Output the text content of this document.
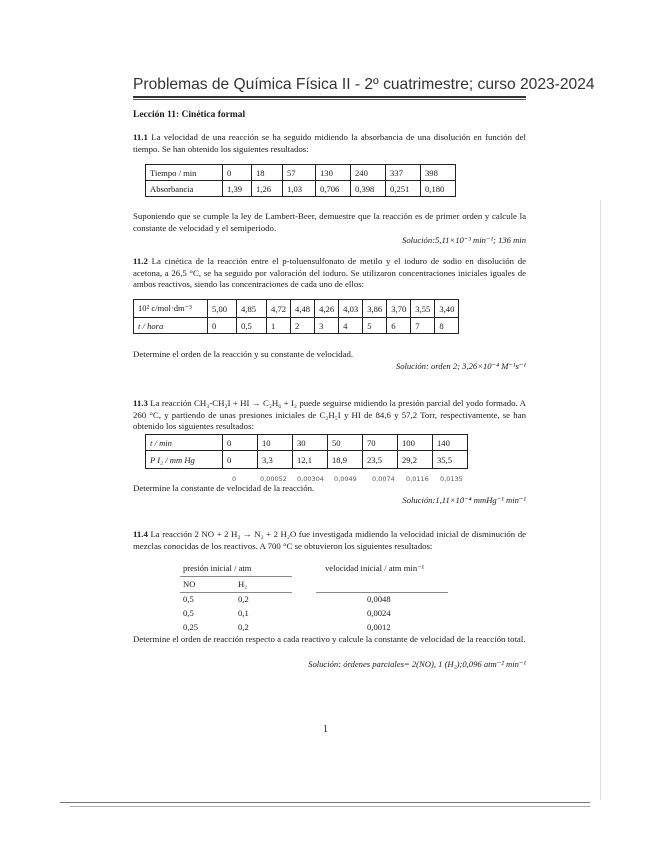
Problemas de Química Física II - 2º cuatrimestre; curso 2023-2024
Lección 11: Cinética formal
11.1 La velocidad de una reacción se ha seguido midiendo la absorbancia de una disolución en función del tiempo. Se han obtenido los siguientes resultados:
Tiempo / min	0	18	57	130	240	337	398
Absorbancia	1,39	1,26	1,03	0,706	0,398	0,251	0,180
Suponiendo que se cumple la ley de Lambert-Beer, demuestre que la reacción es de primer orden y calcule la constante de velocidad y el semiperiodo.
Solución:5,11×10⁻³ min⁻¹; 136 min
11.2 La cinética de la reacción entre el p-toluensulfonato de metilo y el ioduro de sodio en disolución de acetona, a 26,5 °C, se ha seguido por valoración del ioduro. Se utilizaron concentraciones iniciales iguales de ambos reactivos, siendo las concentraciones de cada uno de ellos:
10² c/mol·dm⁻³	5,00	4,85	4,72	4,48	4,26	4,03	3,86	3,70	3,55	3,40
t / hora	0	0,5	1	2	3	4	5	6	7	8
Determine el orden de la reacción y su constante de velocidad.
Solución: orden 2; 3,26×10⁻⁴ M⁻¹s⁻¹
11.3 La reacción CH₃-CH₂I + HI → C₂H₆ + I₂ puede seguirse midiendo la presión parcial del yodo formado. A 260 °C, y partiendo de unas presiones iniciales de C₂H₅I y HI de 84,6 y 57,2 Torr, respectivamente, se han obtenido los siguientes resultados:
t / min	0	10	30	50	70	100	140
P I₂ / mm Hg	0	3,3	12,1	18,9	23,5	29,2	35,5
0	0,00052 0,00304 0,0049 0,0074 0,0116 0,0135
Determine la constante de velocidad de la reacción.
Solución:1,11×10⁻⁴ mmHg⁻¹ min⁻¹
11.4 La reacción 2 NO + 2 H₂ → N₂ + 2 H₂O fue investigada midiendo la velocidad inicial de disminución de mezclas conocidas de los reactivos. A 700 °C se obtuvieron los siguientes resultados:
presión inicial / atm	velocidad inicial / atm min⁻¹
NO	H₂
0,5	0,2	0,0048
0,5	0,1	0,0024
0,25	0,2	0,0012
Determine el orden de reacción respecto a cada reactivo y calcule la constante de velocidad de la reacción total.
Solución: órdenes parciales= 2(NO), 1 (H₂);0,096 atm⁻² min⁻¹
1
